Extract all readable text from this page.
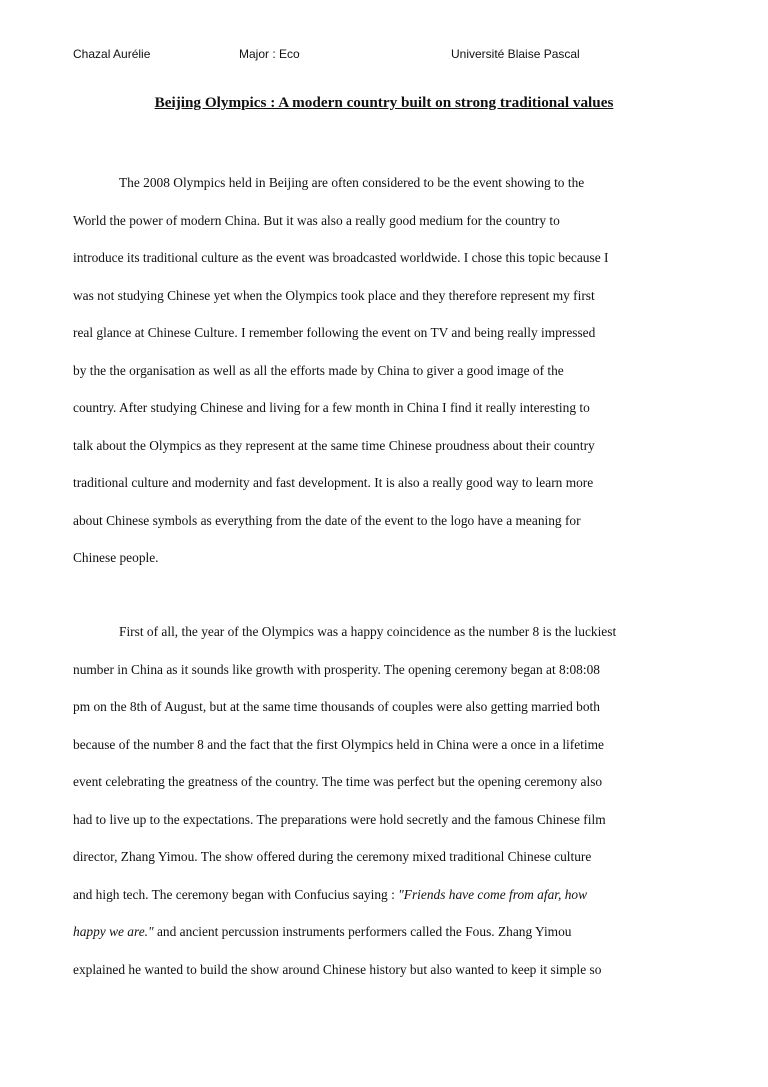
Chazal Aurélie	Major : Eco	Université Blaise Pascal
Beijing Olympics : A modern country built on strong traditional values
The 2008 Olympics held in Beijing are often considered to be the event showing to the
World the power of modern China. But it was also a really good medium for the country to
introduce its traditional culture as the event was broadcasted worldwide. I chose this topic because I
was not studying Chinese yet when the Olympics took place and they therefore represent my first
real glance at Chinese Culture. I remember following the event on TV and being really impressed
by the the organisation as well as all the efforts made by China to giver a good image of the
country. After studying Chinese and living for a few month in China I find it really interesting to
talk about the Olympics as they represent at the same time Chinese proudness about their country
traditional culture and modernity and fast development. It is also a really good way to learn more
about Chinese symbols as everything from the date of the event to the logo have a meaning for
Chinese people.
First of all, the year of the Olympics was a happy coincidence as the number 8 is the luckiest
number in China as it sounds like growth with prosperity. The opening ceremony began at 8:08:08
pm on the 8th of August, but at the same time thousands of couples were also getting married both
because of the number 8 and the fact that the first Olympics held in China were a once in a lifetime
event celebrating the greatness of the country. The time was perfect but the opening ceremony also
had to live up to the expectations. The preparations were hold secretly and the famous Chinese film
director, Zhang Yimou. The show offered during the ceremony mixed traditional Chinese culture
and high tech. The ceremony began with Confucius saying : "Friends have come from afar, how
happy we are." and ancient percussion instruments performers called the Fous. Zhang Yimou
explained he wanted to build the show around Chinese history but also wanted to keep it simple so
